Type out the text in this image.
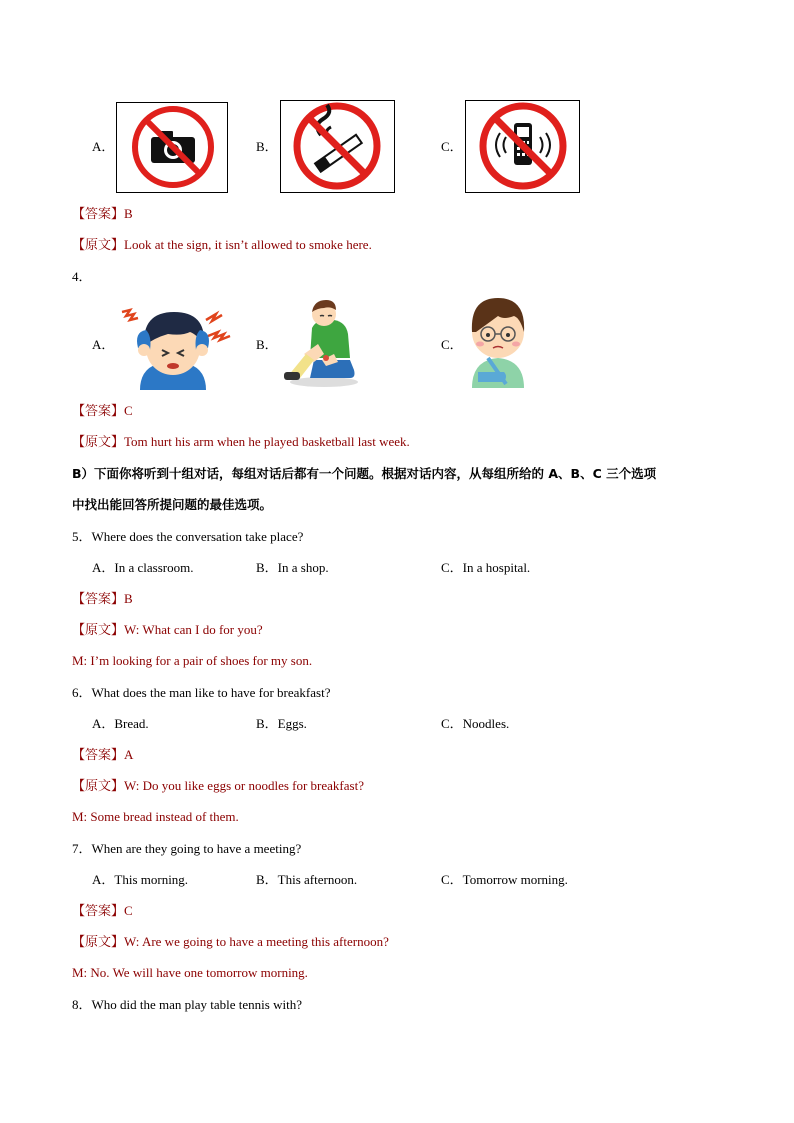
A．	B．	C．
【答案】B
【原文】Look at the sign, it isn’t allowed to smoke here.
4．
A．	B．	C．
【答案】C
【原文】Tom hurt his arm when he played basketball last week.
B）下面你将听到十组对话，每组对话后都有一个问题。根据对话内容，从每组所给的 A、B、C 三个选项
中找出能回答所提问题的最佳选项。
5．Where does the conversation take place?
A．In a classroom.	B．In a shop.	C．In a hospital.
【答案】B
【原文】W: What can I do for you?
M: I’m looking for a pair of shoes for my son.
6．What does the man like to have for breakfast?
A．Bread.	B．Eggs.	C．Noodles.
【答案】A
【原文】W: Do you like eggs or noodles for breakfast?
M: Some bread instead of them.
7．When are they going to have a meeting?
A．This morning.	B．This afternoon.	C．Tomorrow morning.
【答案】C
【原文】W: Are we going to have a meeting this afternoon?
M: No. We will have one tomorrow morning.
8．Who did the man play table tennis with?
